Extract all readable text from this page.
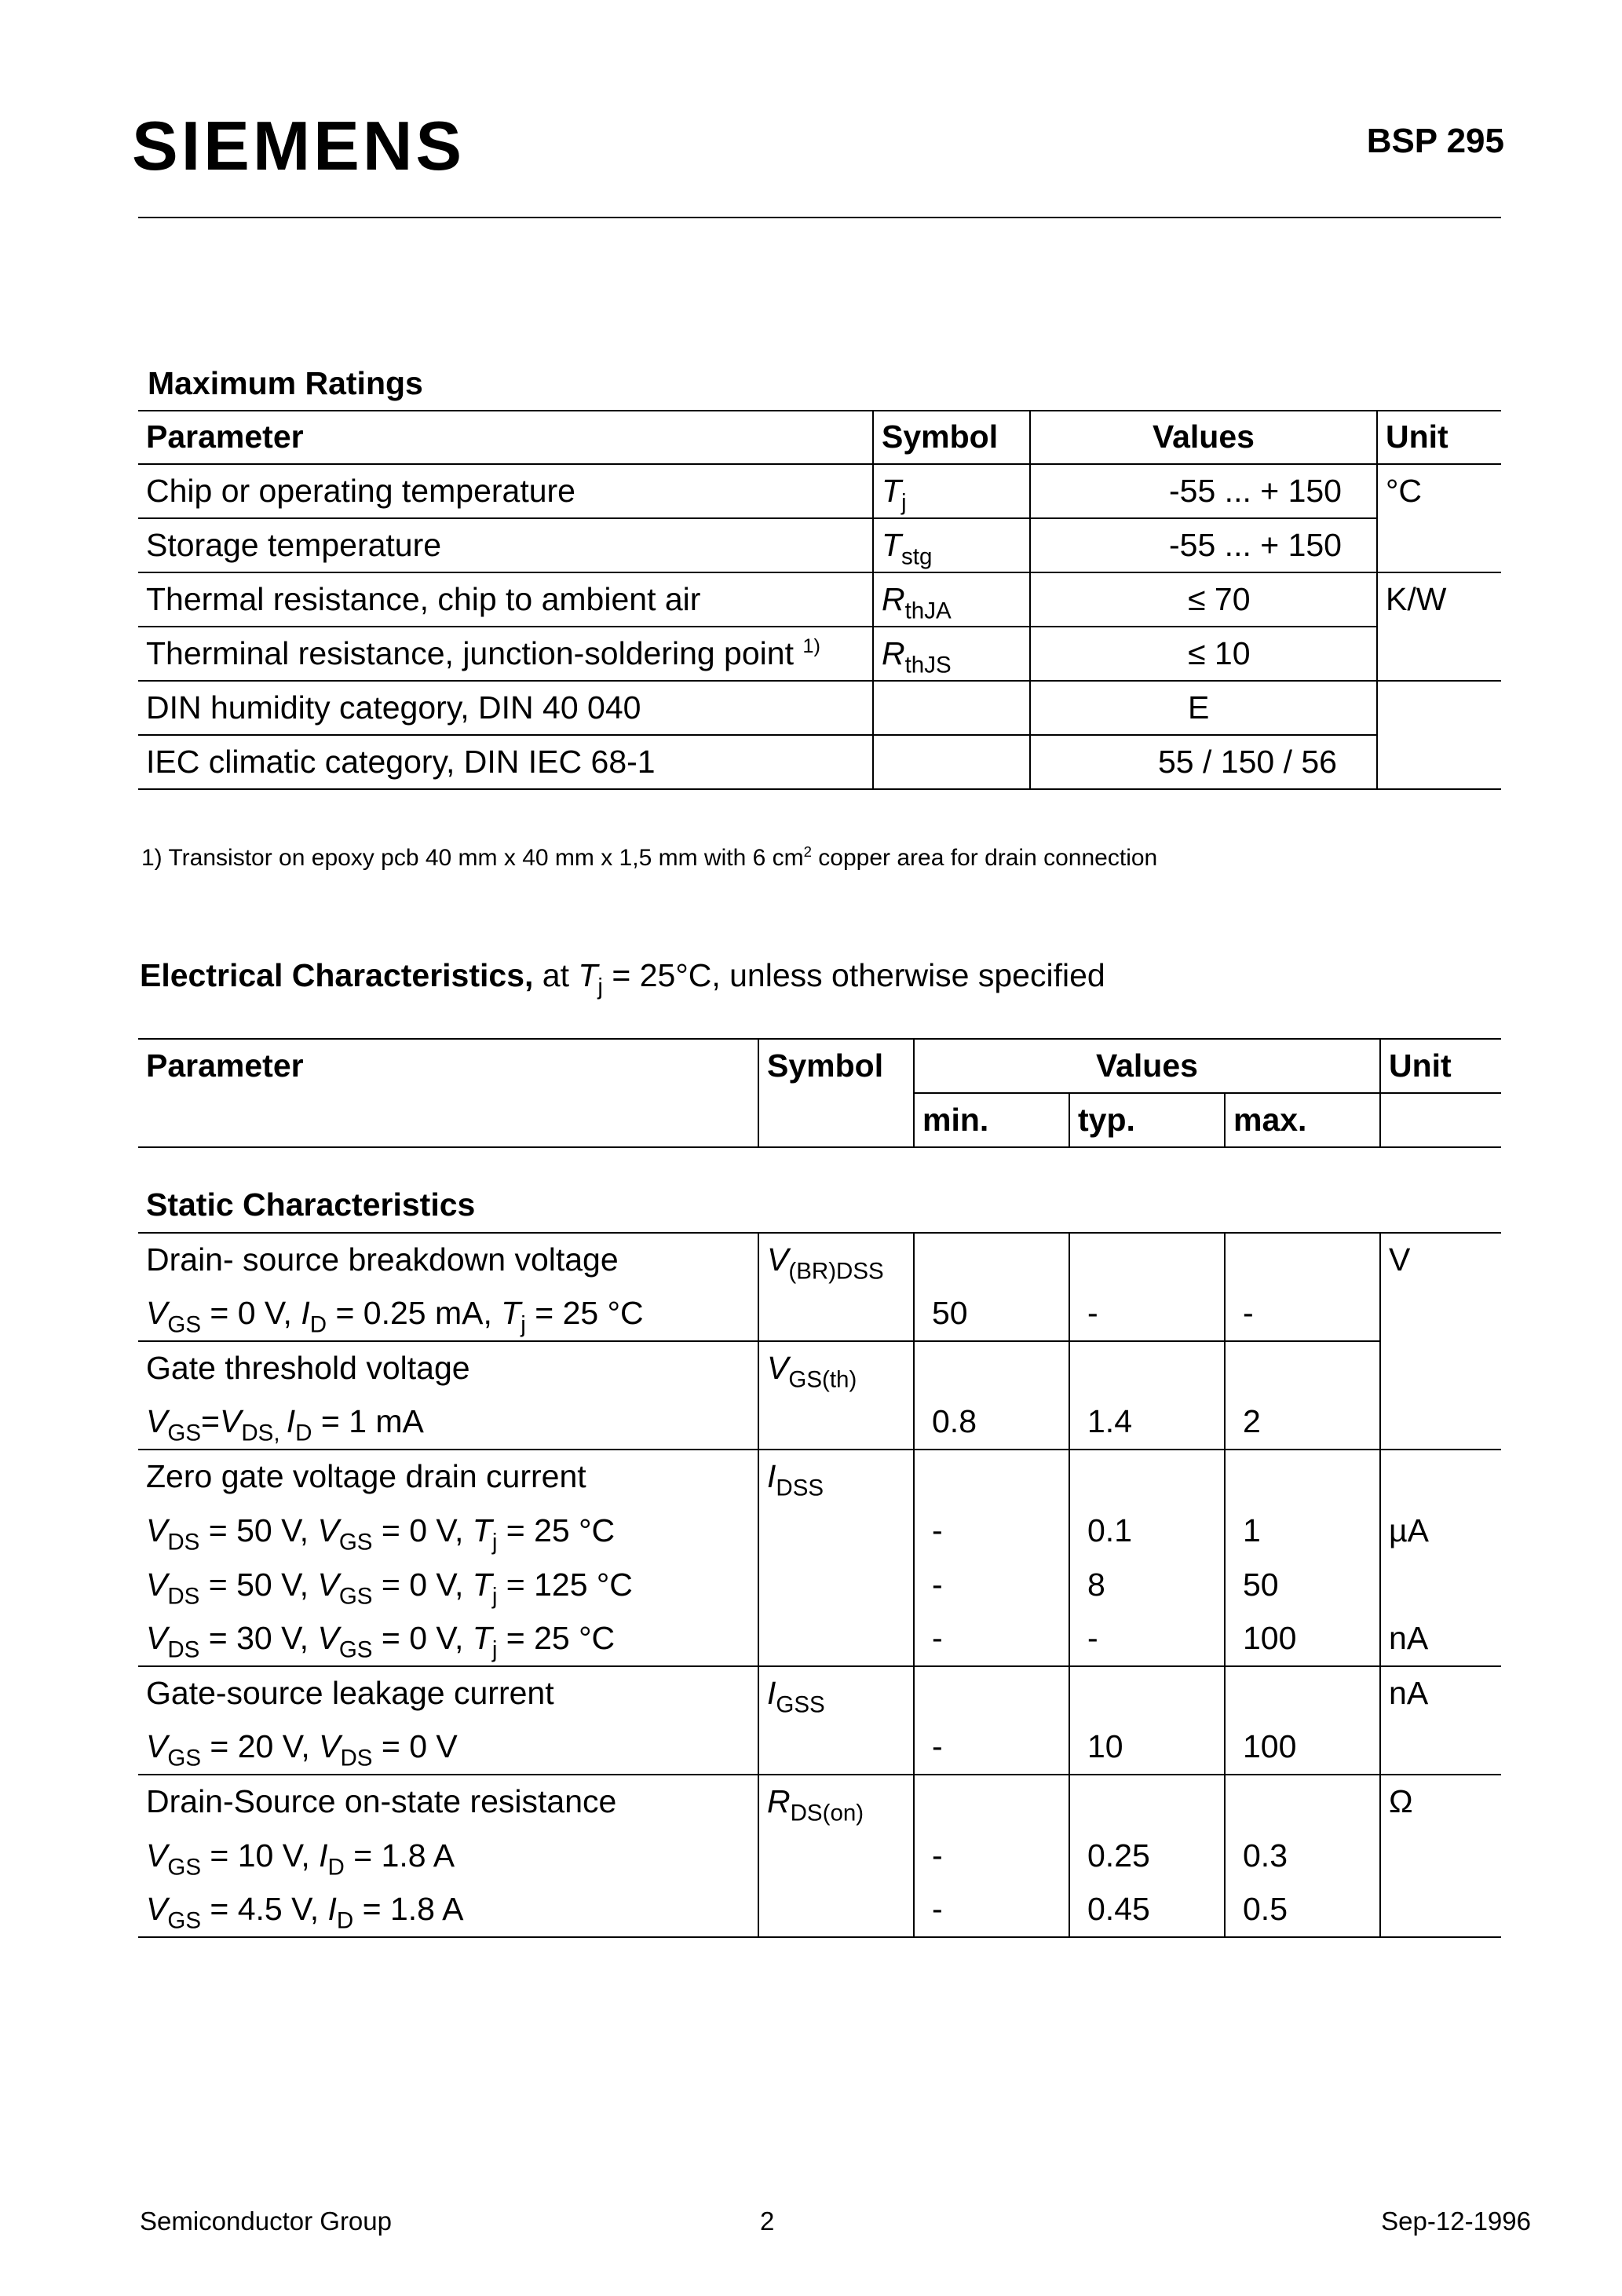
SIEMENS	BSP 295
Maximum Ratings
Parameter	Symbol	Values	Unit
Chip or operating temperature	$T_j$	-55 ... + 150	°C
Storage temperature	$T_{stg}$	-55 ... + 150	
Thermal resistance, chip to ambient air	$R_{thJA}$	≤ 70	K/W
Therminal resistance, junction-soldering point $^{1)}$	$R_{thJS}$	≤ 10	
DIN humidity category, DIN 40 040		E	
IEC climatic category, DIN IEC 68-1		55 / 150 / 56	
1) Transistor on epoxy pcb 40 mm x 40 mm x 1,5 mm with 6 $cm^2$ copper area for drain connection
Electrical Characteristics, at $T_j = 25^\circ C$, unless otherwise specified
Parameter	Symbol	Values			Unit
		min.	typ.	max.	

Static Characteristics					
Drain- source breakdown voltage	$V_{(BR)DSS}$				V
$V_{GS} = 0$ V, $I_D = 0.25$ mA, $T_j = 25$ °C		50	-	-	
Gate threshold voltage	$V_{GS(th)}$				
$V_{GS}=V_{DS,}$ $I_D = 1$ mA		0.8	1.4	2	
Zero gate voltage drain current	$I_{DSS}$				
$V_{DS} = 50$ V, $V_{GS} = 0$ V, $T_j = 25$ °C		-	0.1	1	µA
$V_{DS} = 50$ V, $V_{GS} = 0$ V, $T_j = 125$ °C		-	8	50	
$V_{DS} = 30$ V, $V_{GS} = 0$ V, $T_j = 25$ °C		-	-	100	nA
Gate-source leakage current	$I_{GSS}$				nA
$V_{GS} = 20$ V, $V_{DS} = 0$ V		-	10	100	
Drain-Source on-state resistance	$R_{DS(on)}$				Ω
$V_{GS} = 10$ V, $I_D = 1.8$ A		-	0.25	0.3	
$V_{GS} = 4.5$ V, $I_D = 1.8$ A		-	0.45	0.5	
Semiconductor Group	2	Sep-12-1996
